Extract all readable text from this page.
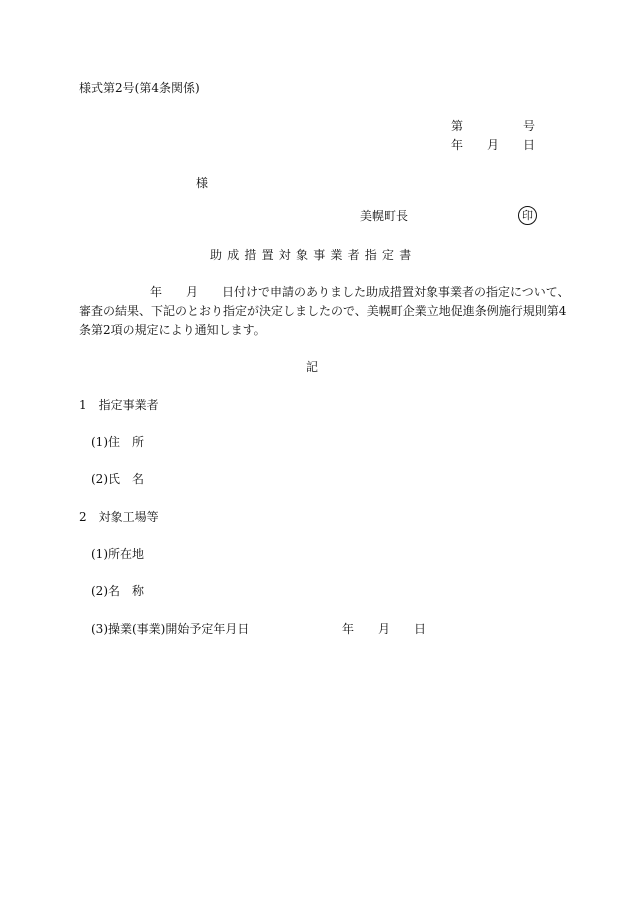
様式第2号(第4条関係)
第	号
年 月 日
様
美幌町長	印
助成措置対象事業者指定書
年 月 日付けで申請のありました助成措置対象事業者の指定について、
審査の結果、下記のとおり指定が決定しましたので、美幌町企業立地促進条例施行規則第4
条第2項の規定により通知します。
記
1　指定事業者
(1)住　所
(2)氏　名
2　対象工場等
(1)所在地
(2)名　称
(3)操業(事業)開始予定年月日	年 月 日
